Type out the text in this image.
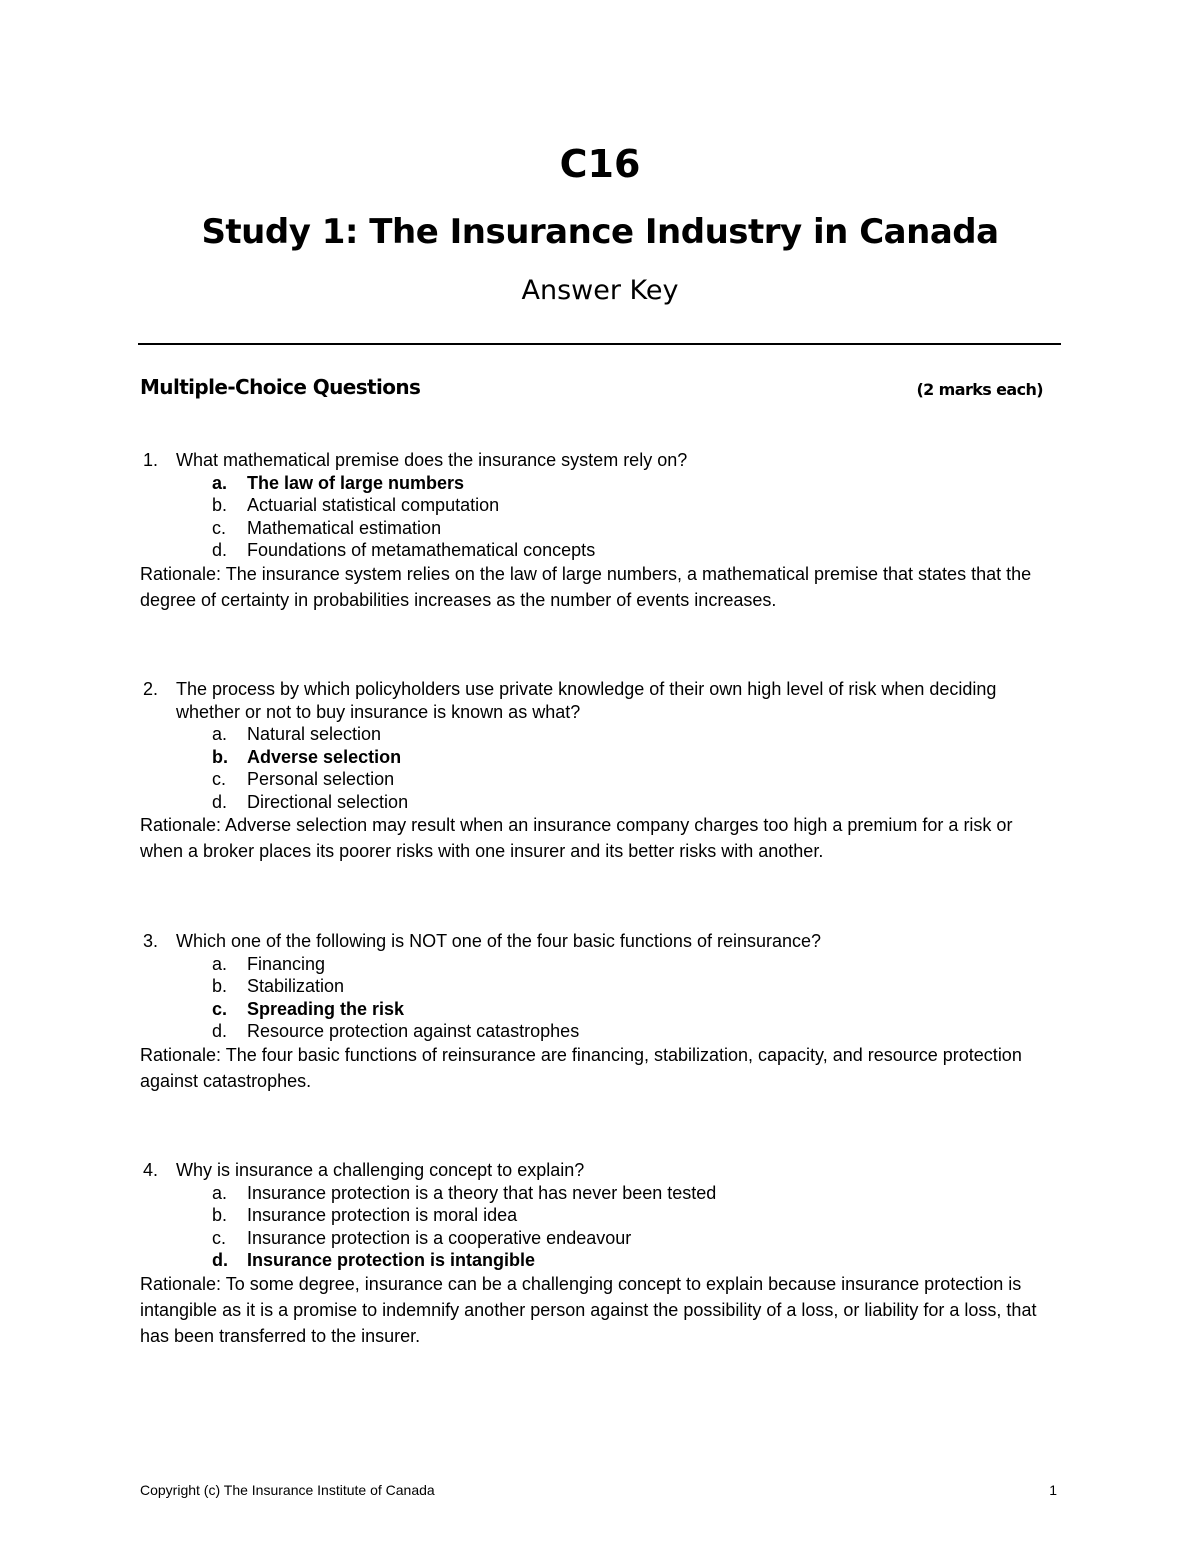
C16
Study 1: The Insurance Industry in Canada
Answer Key
Multiple-Choice Questions	(2 marks each)
1. What mathematical premise does the insurance system rely on?
a. The law of large numbers
b. Actuarial statistical computation
c. Mathematical estimation
d. Foundations of metamathematical concepts
Rationale: The insurance system relies on the law of large numbers, a mathematical premise that states that the degree of certainty in probabilities increases as the number of events increases.
2. The process by which policyholders use private knowledge of their own high level of risk when deciding whether or not to buy insurance is known as what?
a. Natural selection
b. Adverse selection
c. Personal selection
d. Directional selection
Rationale: Adverse selection may result when an insurance company charges too high a premium for a risk or when a broker places its poorer risks with one insurer and its better risks with another.
3. Which one of the following is NOT one of the four basic functions of reinsurance?
a. Financing
b. Stabilization
c. Spreading the risk
d. Resource protection against catastrophes
Rationale: The four basic functions of reinsurance are financing, stabilization, capacity, and resource protection against catastrophes.
4. Why is insurance a challenging concept to explain?
a. Insurance protection is a theory that has never been tested
b. Insurance protection is moral idea
c. Insurance protection is a cooperative endeavour
d. Insurance protection is intangible
Rationale: To some degree, insurance can be a challenging concept to explain because insurance protection is intangible as it is a promise to indemnify another person against the possibility of a loss, or liability for a loss, that has been transferred to the insurer.
Copyright (c) The Insurance Institute of Canada	1
